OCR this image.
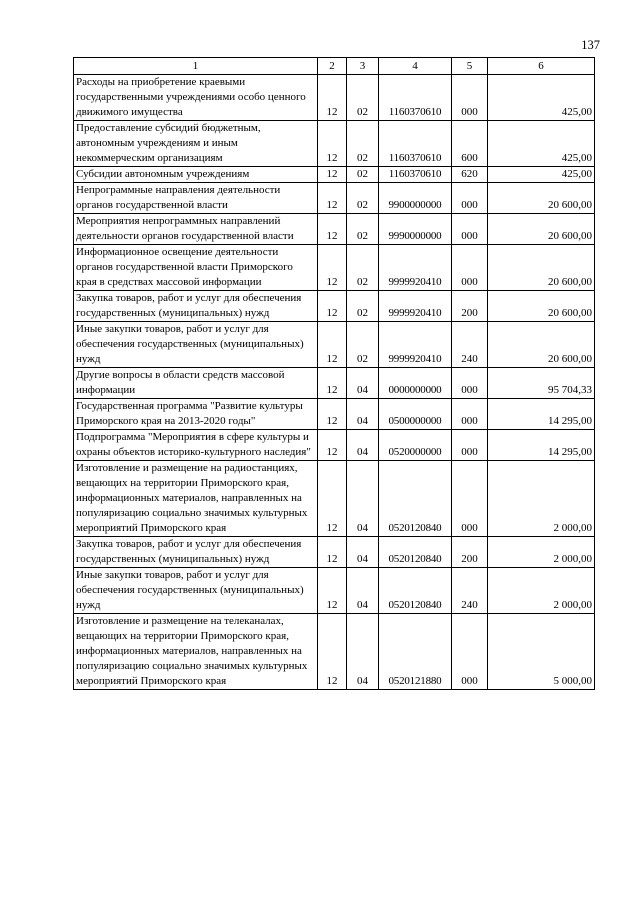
137
1	2	3	4	5	6
Расходы на приобретение краевыми государственными учреждениями особо ценного движимого имущества	12	02	1160370610	000	425,00
Предоставление субсидий бюджетным, автономным учреждениям и иным некоммерческим организациям	12	02	1160370610	600	425,00
Субсидии автономным учреждениям	12	02	1160370610	620	425,00
Непрограммные направления деятельности органов государственной власти	12	02	9900000000	000	20 600,00
Мероприятия непрограммных направлений деятельности органов государственной власти	12	02	9990000000	000	20 600,00
Информационное освещение деятельности органов государственной власти Приморского края в средствах массовой информации	12	02	9999920410	000	20 600,00
Закупка товаров, работ и услуг для обеспечения государственных (муниципальных) нужд	12	02	9999920410	200	20 600,00
Иные закупки товаров, работ и услуг для обеспечения государственных (муниципальных) нужд	12	02	9999920410	240	20 600,00
Другие вопросы в области средств массовой информации	12	04	0000000000	000	95 704,33
Государственная программа "Развитие культуры Приморского края на 2013-2020 годы"	12	04	0500000000	000	14 295,00
Подпрограмма "Мероприятия в сфере культуры и охраны объектов историко-культурного наследия"	12	04	0520000000	000	14 295,00
Изготовление и размещение на радиостанциях, вещающих на территории Приморского края, информационных материалов, направленных на популяризацию социально значимых культурных мероприятий Приморского края	12	04	0520120840	000	2 000,00
Закупка товаров, работ и услуг для обеспечения государственных (муниципальных) нужд	12	04	0520120840	200	2 000,00
Иные закупки товаров, работ и услуг для обеспечения государственных (муниципальных) нужд	12	04	0520120840	240	2 000,00
Изготовление и размещение на телеканалах, вещающих на территории Приморского края, информационных материалов, направленных на популяризацию социально значимых культурных мероприятий Приморского края	12	04	0520121880	000	5 000,00
